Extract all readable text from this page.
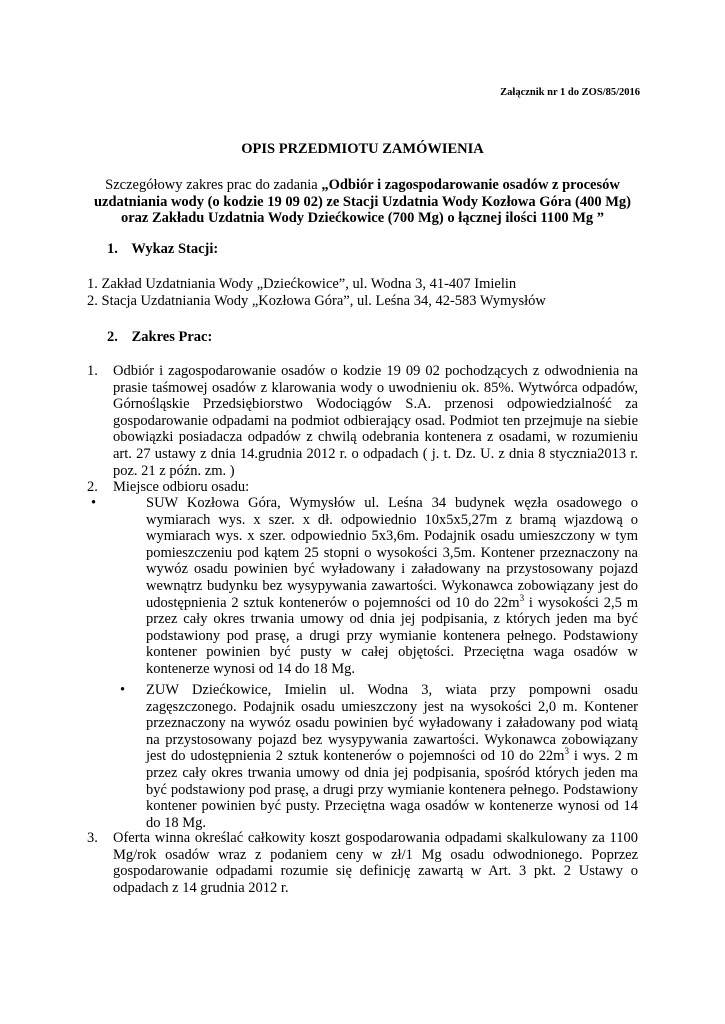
Załącznik nr 1 do ZOS/85/2016
OPIS PRZEDMIOTU ZAMÓWIENIA
Szczegółowy zakres prac do zadania „Odbiór i zagospodarowanie osadów z procesów uzdatniania wody (o kodzie 19 09 02) ze Stacji Uzdatnia Wody Kozłowa Góra (400 Mg) oraz Zakładu Uzdatnia Wody Dziećkowice (700 Mg) o łącznej ilości 1100 Mg ”
1. Wykaz Stacji:
1. Zakład Uzdatniania Wody „Dziećkowice”, ul. Wodna 3, 41-407 Imielin
2. Stacja Uzdatniania Wody „Kozłowa Góra”, ul. Leśna 34, 42-583 Wymysłów
2. Zakres Prac:
1. Odbiór i zagospodarowanie osadów o kodzie 19 09 02 pochodzących z odwodnienia na prasie taśmowej osadów z klarowania wody o uwodnieniu ok. 85%. Wytwórca odpadów, Górnośląskie Przedsiębiorstwo Wodociągów S.A. przenosi odpowiedzialność za gospodarowanie odpadami na podmiot odbierający osad. Podmiot ten przejmuje na siebie obowiązki posiadacza odpadów z chwilą odebrania kontenera z osadami, w rozumieniu art. 27 ustawy z dnia 14.grudnia 2012 r. o odpadach ( j. t. Dz. U. z dnia 8 stycznia2013 r. poz. 21 z późn. zm. )
2. Miejsce odbioru osadu:
•	SUW Kozłowa Góra, Wymysłów ul. Leśna 34 budynek węzła osadowego o wymiarach wys. x szer. x dł. odpowiednio 10x5x5,27m z bramą wjazdową o wymiarach wys. x szer. odpowiednio 5x3,6m. Podajnik osadu umieszczony w tym pomieszczeniu pod kątem 25 stopni o wysokości 3,5m. Kontener przeznaczony na wywóz osadu powinien być wyładowany i załadowany na przystosowany pojazd wewnątrz budynku bez wysypywania zawartości. Wykonawca zobowiązany jest do udostępnienia 2 sztuk kontenerów o pojemności od 10 do $22m^3$ i wysokości 2,5 m przez cały okres trwania umowy od dnia jej podpisania, z których jeden ma być podstawiony pod prasę, a drugi przy wymianie kontenera pełnego. Podstawiony kontener powinien być pusty w całej objętości. Przeciętna waga osadów w kontenerze wynosi od 14 do 18 Mg.
• ZUW Dziećkowice, Imielin ul. Wodna 3, wiata przy pompowni osadu zagęszczonego. Podajnik osadu umieszczony jest na wysokości 2,0 m. Kontener przeznaczony na wywóz osadu powinien być wyładowany i załadowany pod wiatą na przystosowany pojazd bez wysypywania zawartości. Wykonawca zobowiązany jest do udostępnienia 2 sztuk kontenerów o pojemności od 10 do $22m^3$ i wys. 2 m przez cały okres trwania umowy od dnia jej podpisania, spośród których jeden ma być podstawiony pod prasę, a drugi przy wymianie kontenera pełnego. Podstawiony kontener powinien być pusty. Przeciętna waga osadów w kontenerze wynosi od 14 do 18 Mg.
3. Oferta winna określać całkowity koszt gospodarowania odpadami skalkulowany za 1100 Mg/rok osadów wraz z podaniem ceny w zł/1 Mg osadu odwodnionego. Poprzez gospodarowanie odpadami rozumie się definicję zawartą w Art. 3 pkt. 2 Ustawy o odpadach z 14 grudnia 2012 r.
